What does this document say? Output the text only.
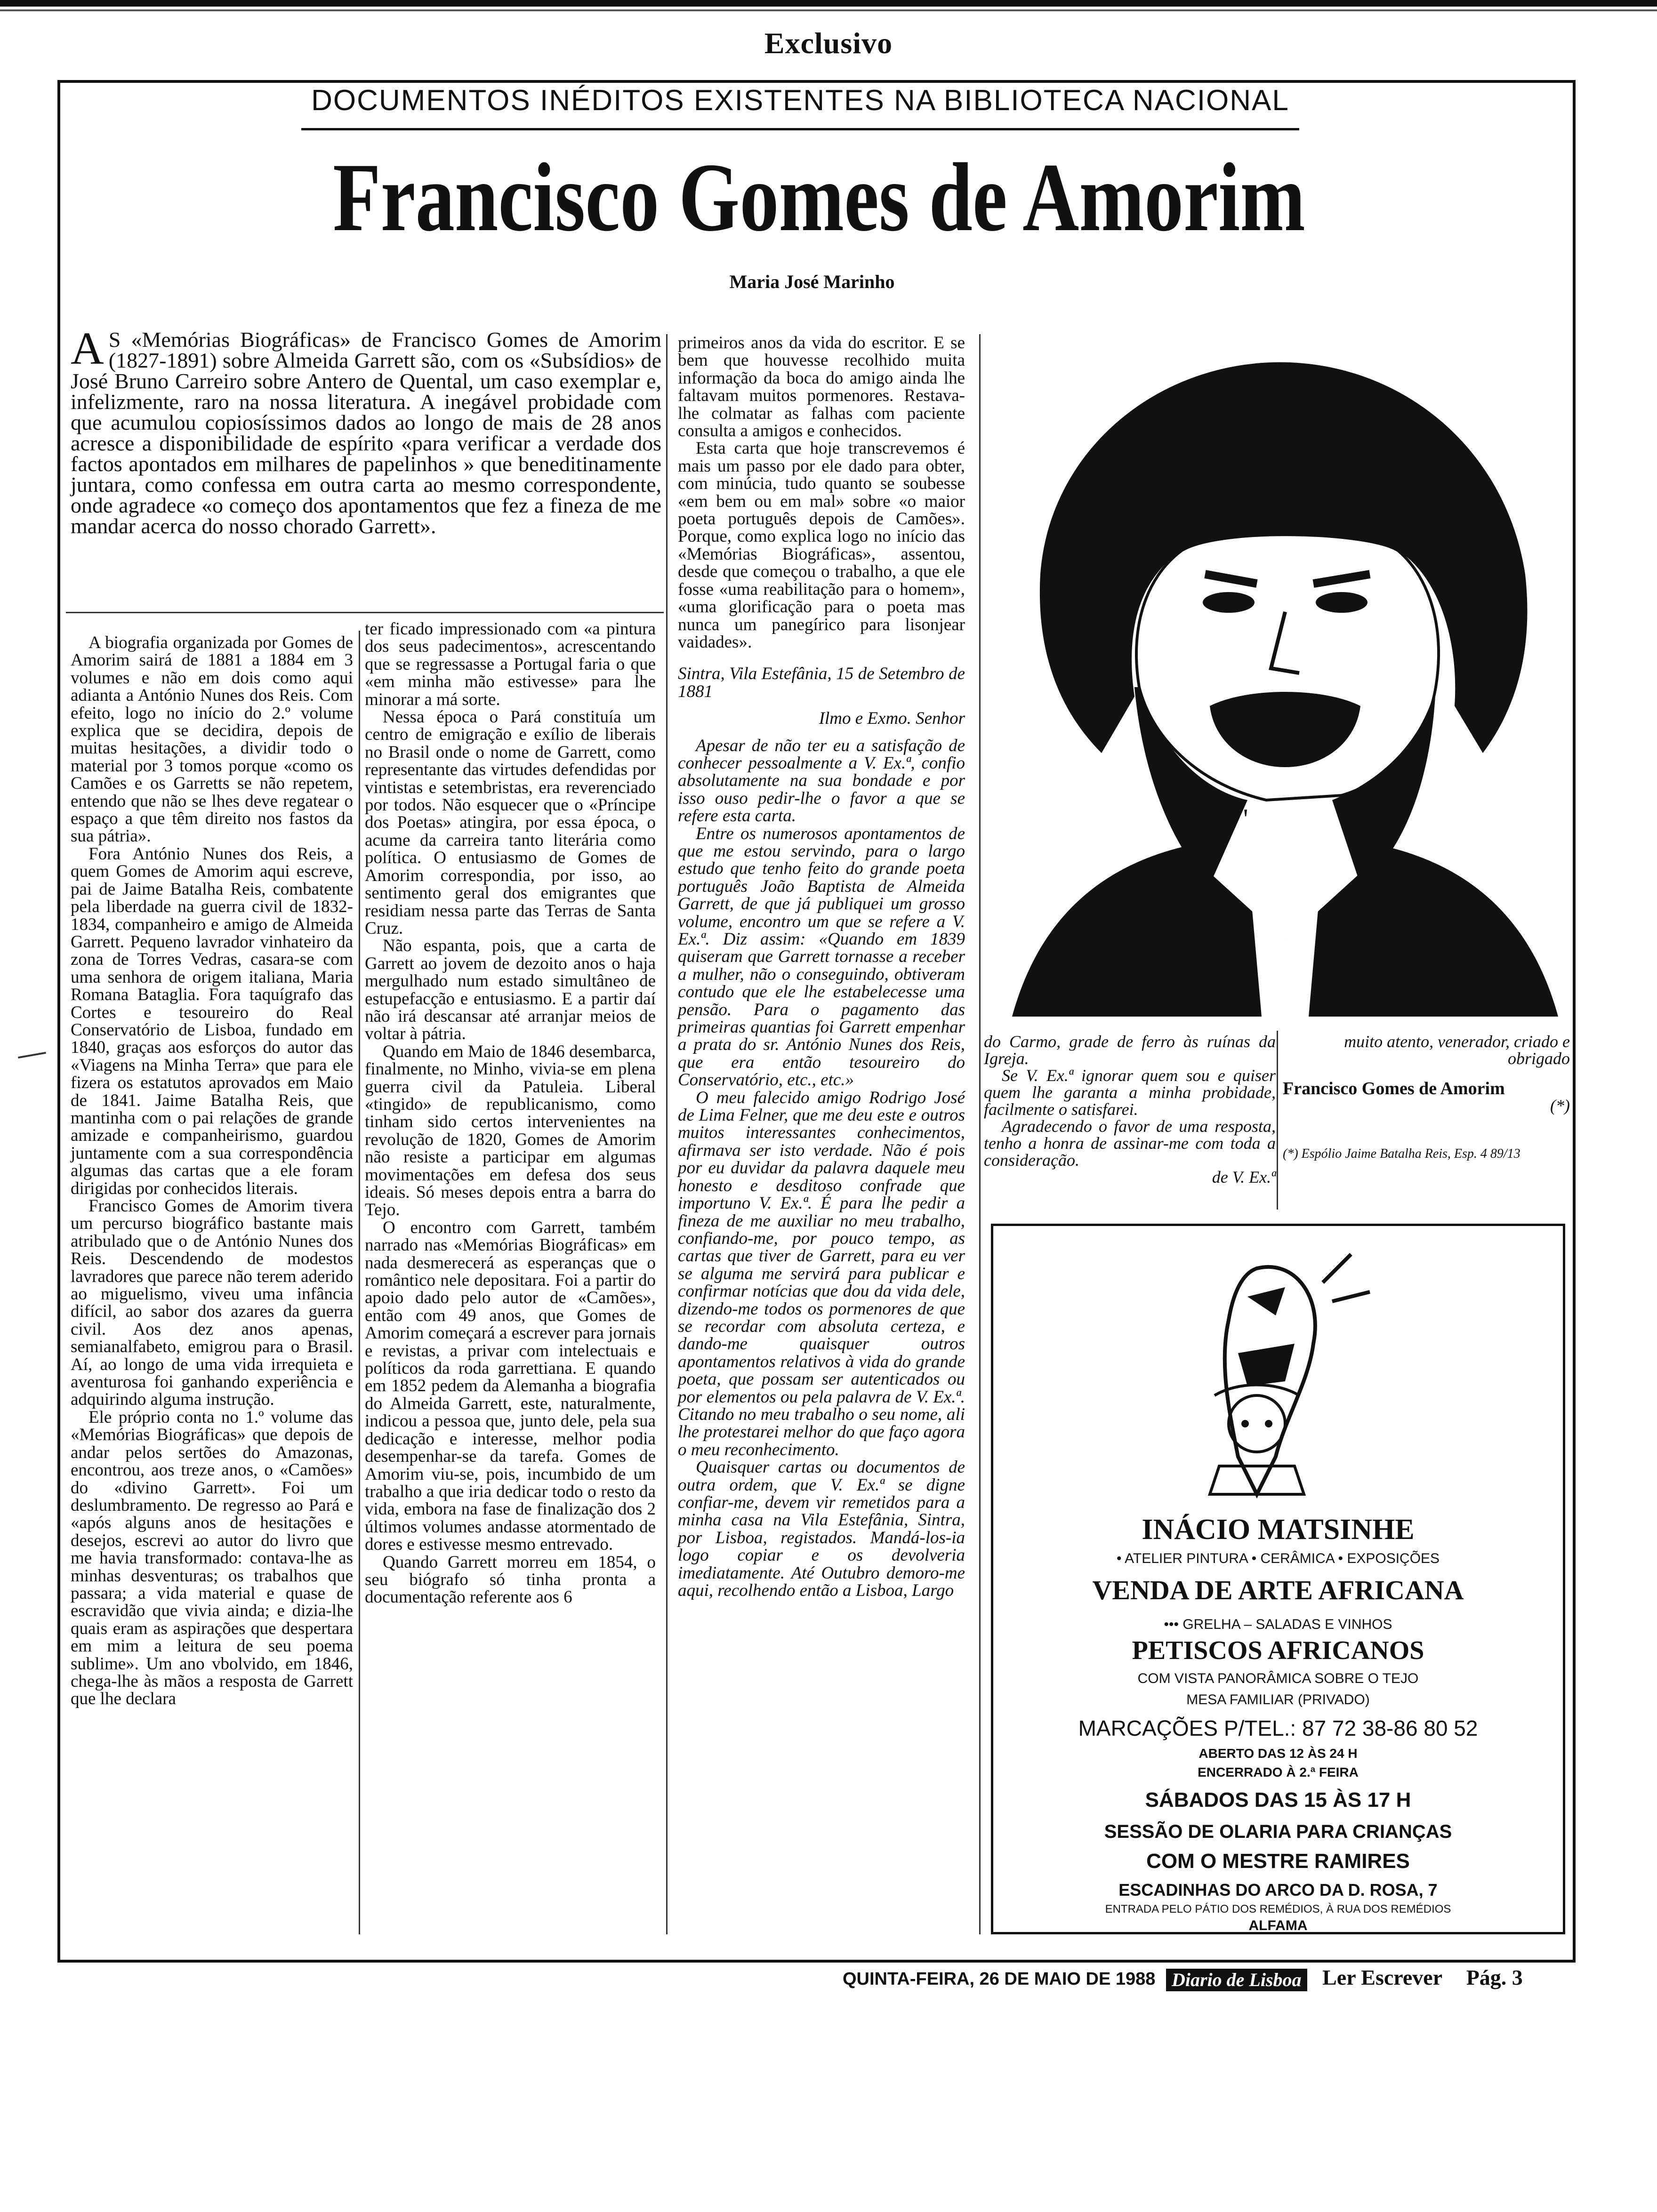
Exclusivo
DOCUMENTOS INÉDITOS EXISTENTES NA BIBLIOTECA NACIONAL
Francisco Gomes de Amorim
Maria José Marinho
AS «Memórias Biográficas» de Francisco Gomes de Amorim (1827-1891) sobre Almeida Garrett são, com os «Subsídios» de José Bruno Carreiro sobre Antero de Quental, um caso exemplar e, infelizmente, raro na nossa literatura. A inegável probidade com que acumulou copiosíssimos dados ao longo de mais de 28 anos acresce a disponibilidade de espírito «para verificar a verdade dos factos apontados em milhares de papelinhos » que beneditinamente juntara, como confessa em outra carta ao mesmo correspondente, onde agradece «o começo dos apontamentos que fez a fineza de me mandar acerca do nosso chorado Garrett».

A biografia organizada por Gomes de Amorim sairá de 1881 a 1884 em 3 volumes e não em dois como aqui adianta a António Nunes dos Reis. Com efeito, logo no início do 2.º volume explica que se decidira, depois de muitas hesitações, a dividir todo o material por 3 tomos porque «como os Camões e os Garretts se não repetem, entendo que não se lhes deve regatear o espaço a que têm direito nos fastos da sua pátria».

Fora António Nunes dos Reis, a quem Gomes de Amorim aqui escreve, pai de Jaime Batalha Reis, combatente pela liberdade na guerra civil de 1832-1834, companheiro e amigo de Almeida Garrett. Pequeno lavrador vinhateiro da zona de Torres Vedras, casara-se com uma senhora de origem italiana, Maria Romana Bataglia. Fora taquígrafo das Cortes e tesoureiro do Real Conservatório de Lisboa, fundado em 1840, graças aos esforços do autor das «Viagens na Minha Terra» que para ele fizera os estatutos aprovados em Maio de 1841. Jaime Batalha Reis, que mantinha com o pai relações de grande amizade e companheirismo, guardou juntamente com a sua correspondência algumas das cartas que a ele foram dirigidas por conhecidos literais.

Francisco Gomes de Amorim tivera um percurso biográfico bastante mais atribulado que o de António Nunes dos Reis. Descendendo de modestos lavradores que parece não terem aderido ao miguelismo, viveu uma infância difícil, ao sabor dos azares da guerra civil. Aos dez anos apenas, semianalfabeto, emigrou para o Brasil. Aí, ao longo de uma vida irrequieta e aventurosa foi ganhando experiência e adquirindo alguma instrução.

Ele próprio conta no 1.º volume das «Memórias Biográficas» que depois de andar pelos sertões do Amazonas, encontrou, aos treze anos, o «Camões» do «divino Garrett». Foi um deslumbramento. De regresso ao Pará e «após alguns anos de hesitações e desejos, escrevi ao autor do livro que me havia transformado: contava-lhe as minhas desventuras; os trabalhos que passara; a vida material e quase de escravidão que vivia ainda; e dizia-lhe quais eram as aspirações que despertara em mim a leitura de seu poema sublime». Um ano vbolvido, em 1846, chega-lhe às mãos a resposta de Garrett que lhe declara

ter ficado impressionado com «a pintura dos seus padecimentos», acrescentando que se regressasse a Portugal faria o que «em minha mão estivesse» para lhe minorar a má sorte.

Nessa época o Pará constituía um centro de emigração e exílio de liberais no Brasil onde o nome de Garrett, como representante das virtudes defendidas por vintistas e setembristas, era reverenciado por todos. Não esquecer que o «Príncipe dos Poetas» atingira, por essa época, o acume da carreira tanto literária como política. O entusiasmo de Gomes de Amorim correspondia, por isso, ao sentimento geral dos emigrantes que residiam nessa parte das Terras de Santa Cruz.

Não espanta, pois, que a carta de Garrett ao jovem de dezoito anos o haja mergulhado num estado simultâneo de estupefacção e entusiasmo. E a partir daí não irá descansar até arranjar meios de voltar à pátria.

Quando em Maio de 1846 desembarca, finalmente, no Minho, vivia-se em plena guerra civil da Patuleia. Liberal «tingido» de republicanismo, como tinham sido certos intervenientes na revolução de 1820, Gomes de Amorim não resiste a participar em algumas movimentações em defesa dos seus ideais. Só meses depois entra a barra do Tejo.

O encontro com Garrett, também narrado nas «Memórias Biográficas» em nada desmerecerá as esperanças que o romântico nele depositara. Foi a partir do apoio dado pelo autor de «Camões», então com 49 anos, que Gomes de Amorim começará a escrever para jornais e revistas, a privar com intelectuais e políticos da roda garrettiana. E quando em 1852 pedem da Alemanha a biografia do Almeida Garrett, este, naturalmente, indicou a pessoa que, junto dele, pela sua dedicação e interesse, melhor podia desempenhar-se da tarefa. Gomes de Amorim viu-se, pois, incumbido de um trabalho a que iria dedicar todo o resto da vida, embora na fase de finalização dos 2 últimos volumes andasse atormentado de dores e estivesse mesmo entrevado.

Quando Garrett morreu em 1854, o seu biógrafo só tinha pronta a documentação referente aos 6

primeiros anos da vida do escritor. E se bem que houvesse recolhido muita informação da boca do amigo ainda lhe faltavam muitos pormenores. Restava-lhe colmatar as falhas com paciente consulta a amigos e conhecidos.

Esta carta que hoje transcrevemos é mais um passo por ele dado para obter, com minúcia, tudo quanto se soubesse «em bem ou em mal» sobre «o maior poeta português depois de Camões». Porque, como explica logo no início das «Memórias Biográficas», assentou, desde que começou o trabalho, a que ele fosse «uma reabilitação para o homem», «uma glorificação para o poeta mas nunca um panegírico para lisonjear vaidades».

Sintra, Vila Estefânia, 15 de Setembro de 1881

Ilmo e Exmo. Senhor

Apesar de não ter eu a satisfação de conhecer pessoalmente a V. Ex.ª, confio absolutamente na sua bondade e por isso ouso pedir-lhe o favor a que se refere esta carta.

Entre os numerosos apontamentos de que me estou servindo, para o largo estudo que tenho feito do grande poeta português João Baptista de Almeida Garrett, de que já publiquei um grosso volume, encontro um que se refere a V. Ex.ª. Diz assim: «Quando em 1839 quiseram que Garrett tornasse a receber a mulher, não o conseguindo, obtiveram contudo que ele lhe estabelecesse uma pensão. Para o pagamento das primeiras quantias foi Garrett empenhar a prata do sr. António Nunes dos Reis, que era então tesoureiro do Conservatório, etc., etc.»

O meu falecido amigo Rodrigo José de Lima Felner, que me deu este e outros muitos interessantes conhecimentos, afirmava ser isto verdade. Não é pois por eu duvidar da palavra daquele meu honesto e desditoso confrade que importuno V. Ex.ª. É para lhe pedir a fineza de me auxiliar no meu trabalho, confiando-me, por pouco tempo, as cartas que tiver de Garrett, para eu ver se alguma me servirá para publicar e confirmar notícias que dou da vida dele, dizendo-me todos os pormenores de que se recordar com absoluta certeza, e dando-me quaisquer outros apontamentos relativos à vida do grande poeta, que possam ser autenticados ou por elementos ou pela palavra de V. Ex.ª. Citando no meu trabalho o seu nome, ali lhe protestarei melhor do que faço agora o meu reconhecimento.

Quaisquer cartas ou documentos de outra ordem, que V. Ex.ª se digne confiar-me, devem vir remetidos para a minha casa na Vila Estefânia, Sintra, por Lisboa, registados. Mandá-los-ia logo copiar e os devolveria imediatamente. Até Outubro demoro-me aqui, recolhendo então a Lisboa, Largo

' 0 '
do Carmo, grade de ferro às ruínas da Igreja.
Se V. Ex.ª ignorar quem sou e quiser quem lhe garanta a minha probidade, facilmente o satisfarei.
Agradecendo o favor de uma resposta, tenho a honra de assinar-me com toda a consideração.
de V. Ex.ª
muito atento, venerador, criado e obrigado
Francisco Gomes de Amorim
(*)
(*) Espólio Jaime Batalha Reis, Esp. 4 89/13
INÁCIO MATSINHE
• ATELIER PINTURA • CERÂMICA • EXPOSIÇÕES
VENDA DE ARTE AFRICANA
••• GRELHA – SALADAS E VINHOS
PETISCOS AFRICANOS
COM VISTA PANORÂMICA SOBRE O TEJO
MESA FAMILIAR (PRIVADO)
MARCAÇÕES P/TEL.: 87 72 38-86 80 52
ABERTO DAS 12 ÀS 24 H
ENCERRADO À 2.ª FEIRA
SÁBADOS DAS 15 ÀS 17 H
SESSÃO DE OLARIA PARA CRIANÇAS
COM O MESTRE RAMIRES
ESCADINHAS DO ARCO DA D. ROSA, 7
ENTRADA PELO PÁTIO DOS REMÉDIOS, À RUA DOS REMÉDIOS
ALFAMA
QUINTA-FEIRA, 26 DE MAIO DE 1988 Diario de Lisboa Ler Escrever Pág. 3
